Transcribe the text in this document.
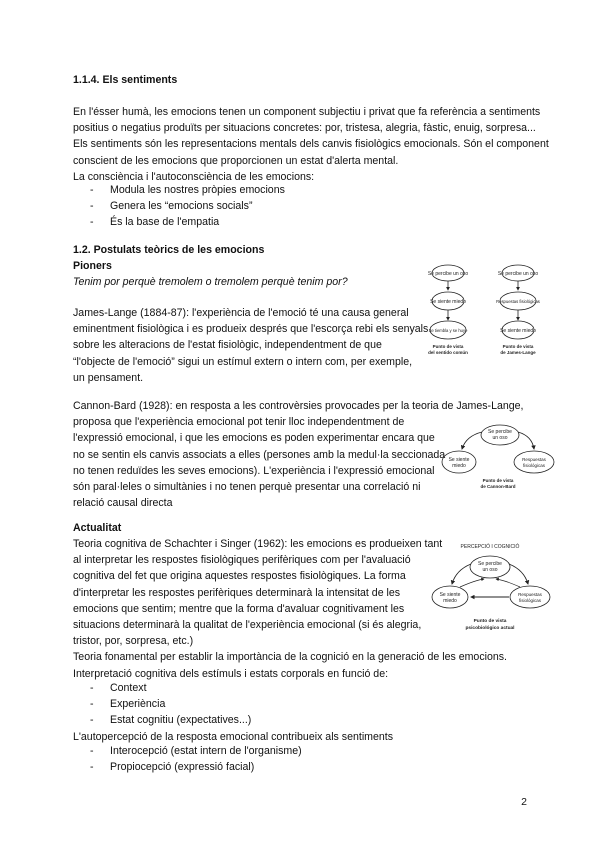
1.1.4. Els sentiments
En l'ésser humà, les emocions tenen un component subjectiu i privat que fa referència a sentiments
positius o negatius produïts per situacions concretes: por, tristesa, alegria, fàstic, enuig, sorpresa...
Els sentiments són les representacions mentals dels canvis fisiològics emocionals. Són el component
conscient de les emocions que proporcionen un estat d'alerta mental.
La consciència i l'autoconsciència de les emocions:
- Modula les nostres pròpies emocions
- Genera les “emocions socials”
- És la base de l'empatia
1.2. Postulats teòrics de les emocions
Pioners
Tenim por perquè tremolem o tremolem perquè tenim por?
James-Lange (1884-87): l'experiència de l'emoció té una causa general
eminentment fisiològica i es produeix després que l'escorça rebi els senyals
sobre les alteracions de l'estat fisiològic, independentment de que
“l'objecte de l'emoció” sigui un estímul extern o intern com, per exemple,
un pensament.
Cannon-Bard (1928): en resposta a les controvèrsies provocades per la teoria de James-Lange,
proposa que l'experiència emocional pot tenir lloc independentment de
l'expressió emocional, i que les emocions es poden experimentar encara que
no se sentin els canvis associats a elles (persones amb la medul·la seccionada
no tenen reduïdes les seves emocions). L'experiència i l'expressió emocional
són paral·leles o simultànies i no tenen perquè presentar una correlació ni
relació causal directa
Actualitat
Teoria cognitiva de Schachter i Singer (1962): les emocions es produeixen tant
al interpretar les respostes fisiològiques perifèriques com per l'avaluació
cognitiva del fet que origina aquestes respostes fisiològiques. La forma
d'interpretar les respostes perifèriques determinarà la intensitat de les
emocions que sentim; mentre que la forma d'avaluar cognitivament les
situacions determinarà la qualitat de l'experiència emocional (si és alegria,
tristor, por, sorpresa, etc.)
Teoria fonamental per establir la importància de la cognició en la generació de les emocions.
Interpretació cognitiva dels estímuls i estats corporals en funció de:
- Context
- Experiència
- Estat cognitiu (expectatives...)
L'autopercepció de la resposta emocional contribueix als sentiments
- Interocepció (estat intern de l'organisme)
- Propiocepció (expressió facial)
2
Se percibe un oso
Se siente miedo
Se tiembla y se huye
Punto de vista
del sentido común
Se percibe un oso
Respuestas fisiológicas
Se siente miedo
Punto de vista
de James-Lange
Se percibe
un oso
Se siente
miedo
Respuestas
fisiológicas
Punto de vista
de Cannon-Bard
PERCEPCIÓ I COGNICIÓ
Se percibe
un oso
Se siente
miedo
Respuestas
fisiológicas
Punto de vista
psicobiológico actual
